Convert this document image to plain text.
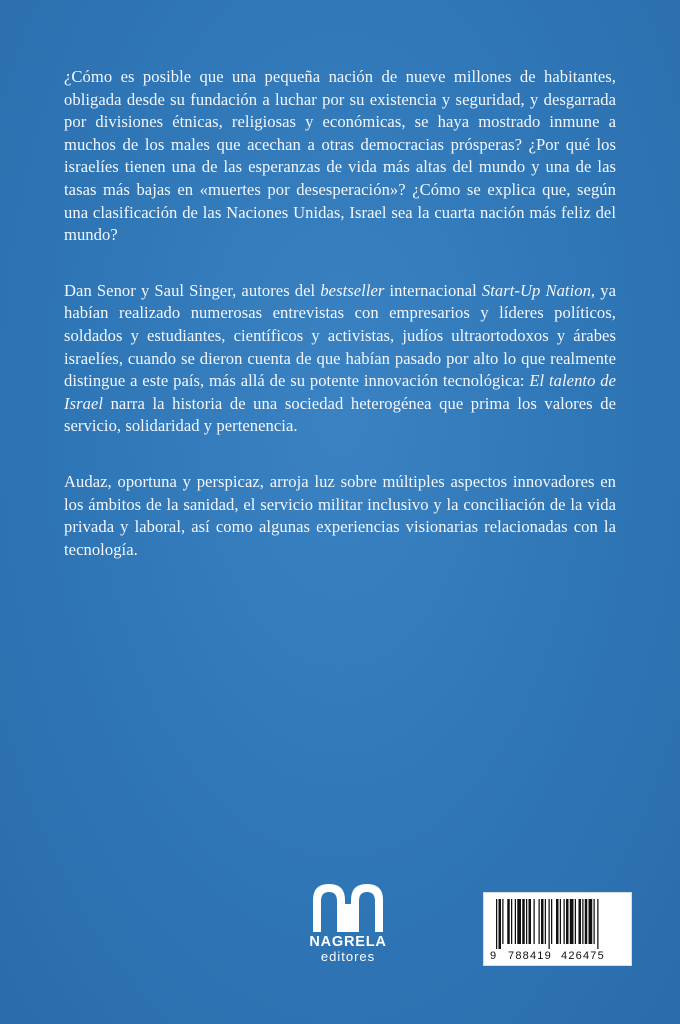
¿Cómo es posible que una pequeña nación de nueve millones de habitantes, obligada desde su fundación a luchar por su existencia y seguridad, y desgarrada por divisiones étnicas, religiosas y económicas, se haya mostrado inmune a muchos de los males que acechan a otras democracias prósperas? ¿Por qué los israelíes tienen una de las esperanzas de vida más altas del mundo y una de las tasas más bajas en «muertes por desesperación»? ¿Cómo se explica que, según una clasificación de las Naciones Unidas, Israel sea la cuarta nación más feliz del mundo?

Dan Senor y Saul Singer, autores del bestseller internacional Start-Up Nation, ya habían realizado numerosas entrevistas con empresarios y líderes políticos, soldados y estudiantes, científicos y activistas, judíos ultraortodoxos y árabes israelíes, cuando se dieron cuenta de que habían pasado por alto lo que realmente distingue a este país, más allá de su potente innovación tecnológica: El talento de Israel narra la historia de una sociedad heterogénea que prima los valores de servicio, solidaridad y pertenencia.

Audaz, oportuna y perspicaz, arroja luz sobre múltiples aspectos innovadores en los ámbitos de la sanidad, el servicio militar inclusivo y la conciliación de la vida privada y laboral, así como algunas experiencias visionarias relacionadas con la tecnología.

NAGRELA
editores	9 788419 426475
